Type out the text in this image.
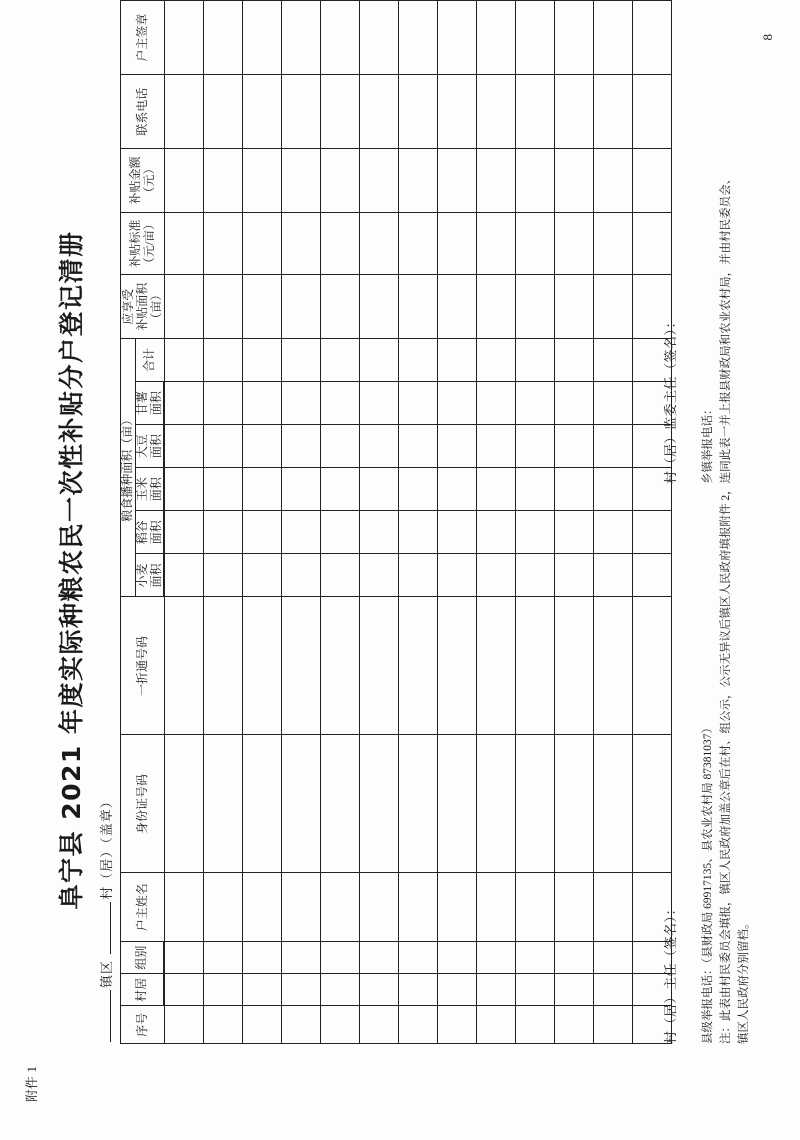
附件 1
阜宁县 2021 年度实际种粮农民一次性补贴分户登记清册
镇区 村（居）（盖章）
序号	村居	组别	户主姓名	身份证号码	一折通号码	粮食播种面积（亩）						应享受 补贴面积 （亩）	补贴标准 （元/亩）	补贴金额 （元）	联系电话	户主签章

						小麦 面积	稻谷 面积	玉米 面积	大豆 面积	甘薯 面积	合计					

村（居）主任（签名）：
村（居）监委主任（签名）：
县级举报电话：（县财政局 69917135、县农业农村局 87381037）
乡镇举报电话： 注：此表由村民委员会填报，镇区人民政府加盖公章后在村、组公示，公示无异议后镇区人民政府填报附件 2，连同此表一并上报县财政局和农业农村局，并由村民委员会、 镇区人民政府分别留档。
8
